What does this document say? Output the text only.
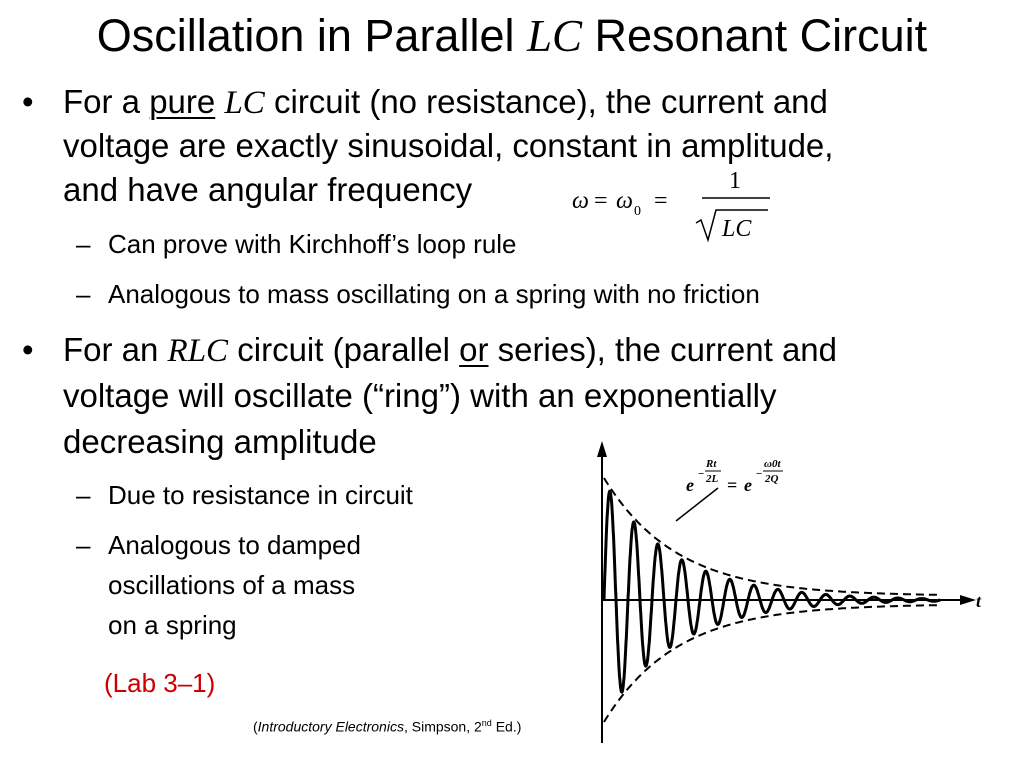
Oscillation in Parallel LC Resonant Circuit
• For a pure LC circuit (no resistance), the current and
voltage are exactly sinusoidal, constant in amplitude,
and have angular frequency	ω = ω 0 =
1
LC
– Can prove with Kirchhoff’s loop rule
– Analogous to mass oscillating on a spring with no friction
• For an RLC circuit (parallel or series), the current and
voltage will oscillate (“ring”) with an exponentially
decreasing amplitude
– Due to resistance in circuit
– Analogous to damped
oscillations of a mass
on a spring
(Lab 3–1)
(Introductory Electronics, Simpson, 2nd Ed.)
t
e
−
Rt
2L = e
−
ω0t
2Q
